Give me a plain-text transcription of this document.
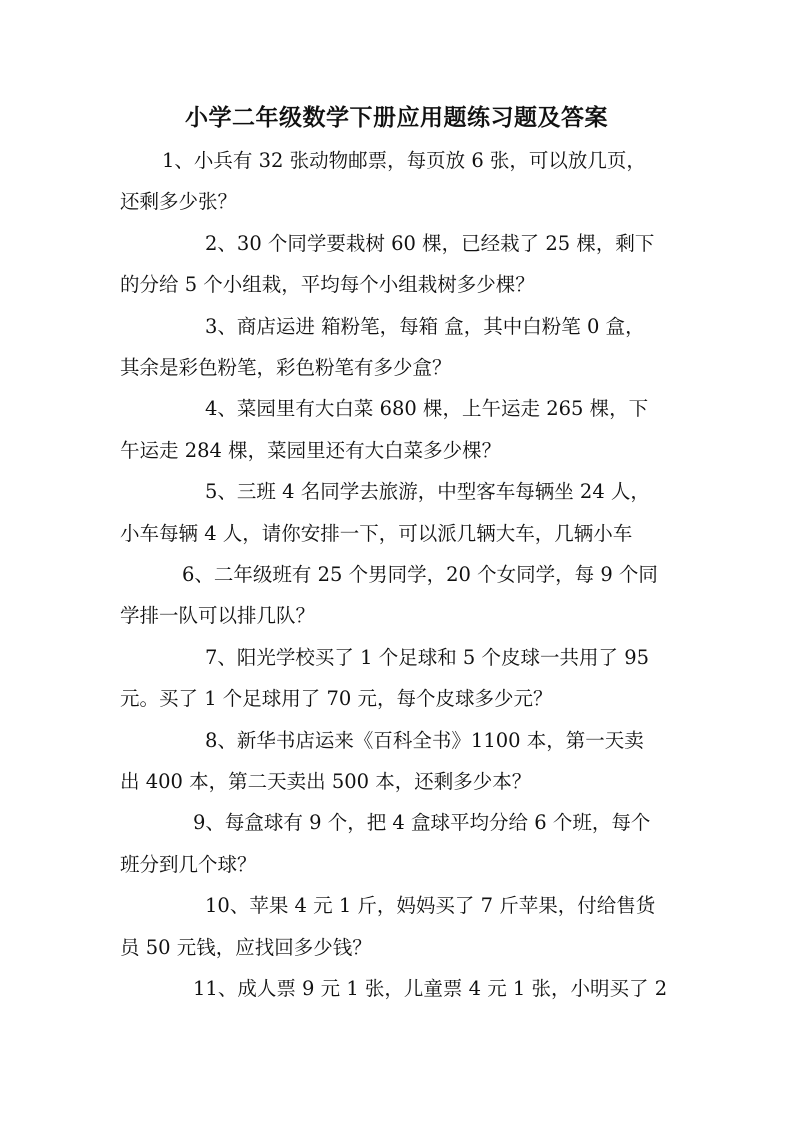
小学二年级数学下册应用题练习题及答案

1、小兵有 32 张动物邮票，每页放 6 张，可以放几页，

还剩多少张？

2、30 个同学要栽树 60 棵，已经栽了 25 棵，剩下

的分给 5 个小组栽，平均每个小组栽树多少棵？

3、商店运进 箱粉笔，每箱 盒，其中白粉笔 0 盒，

其余是彩色粉笔，彩色粉笔有多少盒？

4、菜园里有大白菜 680 棵，上午运走 265 棵，下

午运走 284 棵，菜园里还有大白菜多少棵？

5、三班 4 名同学去旅游，中型客车每辆坐 24 人，

小车每辆 4 人，请你安排一下，可以派几辆大车，几辆小车

6、二年级班有 25 个男同学，20 个女同学，每 9 个同

学排一队可以排几队？

7、阳光学校买了 1 个足球和 5 个皮球一共用了 95

元。买了 1 个足球用了 70 元，每个皮球多少元？

8、新华书店运来《百科全书》1100 本，第一天卖

出 400 本，第二天卖出 500 本，还剩多少本？

9、每盒球有 9 个，把 4 盒球平均分给 6 个班，每个

班分到几个球？

10、苹果 4 元 1 斤，妈妈买了 7 斤苹果，付给售货

员 50 元钱，应找回多少钱？

11、成人票 9 元 1 张，儿童票 4 元 1 张，小明买了 2
